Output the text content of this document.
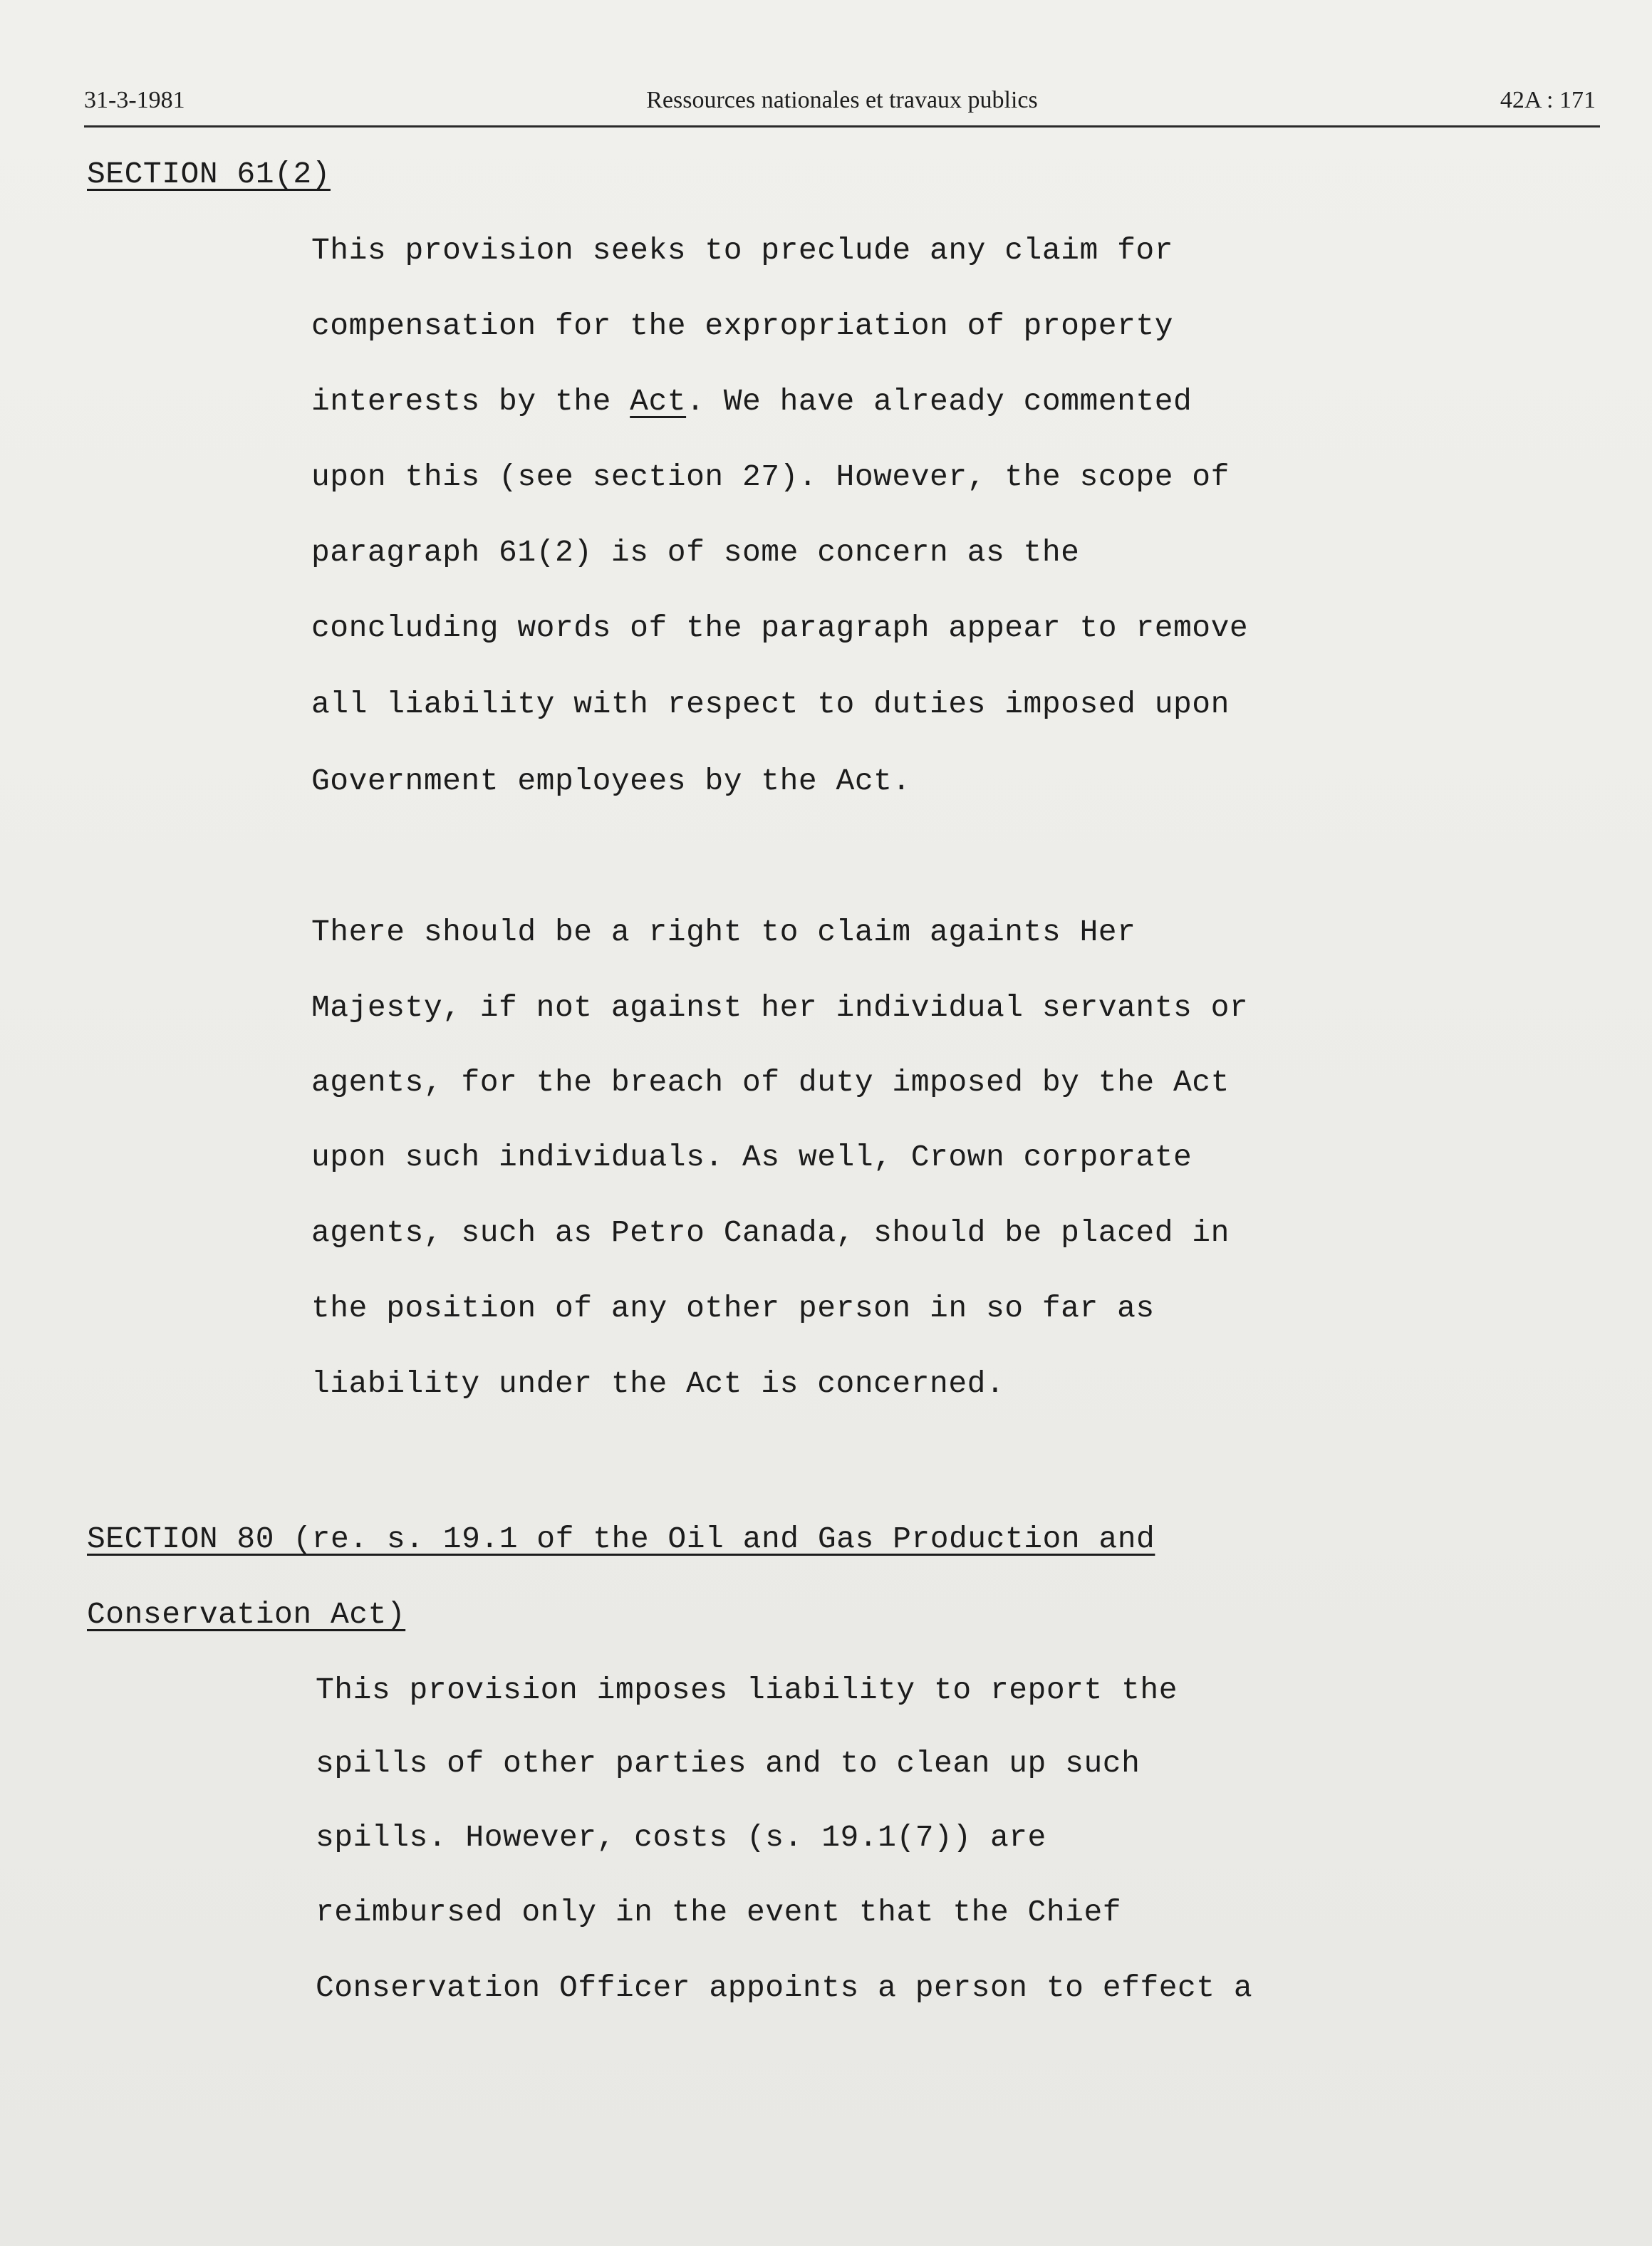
31-3-1981	Ressources nationales et travaux publics	42A : 171
SECTION 61(2)
This provision seeks to preclude any claim for
compensation for the expropriation of property
interests by the Act. We have already commented
upon this (see section 27). However, the scope of
paragraph 61(2) is of some concern as the
concluding words of the paragraph appear to remove
all liability with respect to duties imposed upon
Government employees by the Act.
There should be a right to claim againts Her
Majesty, if not against her individual servants or
agents, for the breach of duty imposed by the Act
upon such individuals. As well, Crown corporate
agents, such as Petro Canada, should be placed in
the position of any other person in so far as
liability under the Act is concerned.
SECTION 80 (re. s. 19.1 of the Oil and Gas Production and
Conservation Act)
This provision imposes liability to report the
spills of other parties and to clean up such
spills. However, costs (s. 19.1(7)) are
reimbursed only in the event that the Chief
Conservation Officer appoints a person to effect a
